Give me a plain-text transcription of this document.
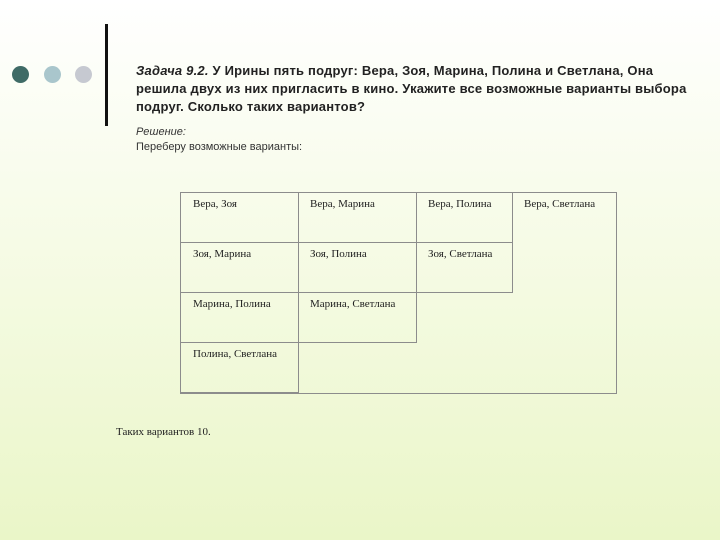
Задача 9.2. У Ирины пять подруг: Вера, Зоя, Марина, Полина и Светлана, Она решила двух из них пригласить в кино. Укажите все возможные варианты выбора подруг. Сколько таких вариантов?
Решение:
Переберу возможные варианты:
Вера, Зоя	Вера, Марина	Вера, Полина	Вера, Светлана
Зоя, Марина	Зоя, Полина	Зоя, Светлана
Марина, Полина	Марина, Светлана
Полина, Светлана
Таких вариантов 10.
